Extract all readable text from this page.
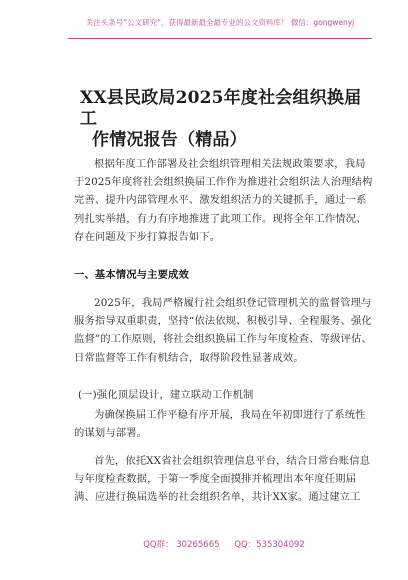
关注头条号“公文研究”，获得最新最全最专业的公文资料库！ 微信：gongwenyj
XX县民政局2025年度社会组织换届工
作情况报告（精品）
根据年度工作部署及社会组织管理相关法规政策要求，我局于2025年度将社会组织换届工作作为推进社会组织法人治理结构完善、提升内部管理水平、激发组织活力的关键抓手，通过一系列扎实举措，有力有序地推进了此项工作。现将全年工作情况、存在问题及下步打算报告如下。
一、基本情况与主要成效
2025年，我局严格履行社会组织登记管理机关的监督管理与服务指导双重职责，坚持“依法依规、积极引导、全程服务、强化监督”的工作原则，将社会组织换届工作与年度检查、等级评估、日常监督等工作有机结合，取得阶段性显著成效。
(一)强化顶层设计，建立联动工作机制
为确保换届工作平稳有序开展，我局在年初即进行了系统性的谋划与部署。
首先，依托XX省社会组织管理信息平台，结合日常台账信息与年度检查数据，于第一季度全面摸排并梳理出本年度任期届满、应进行换届选举的社会组织名单，共计XX家。通过建立工
QQ群： 30265665 QQ：535304092
